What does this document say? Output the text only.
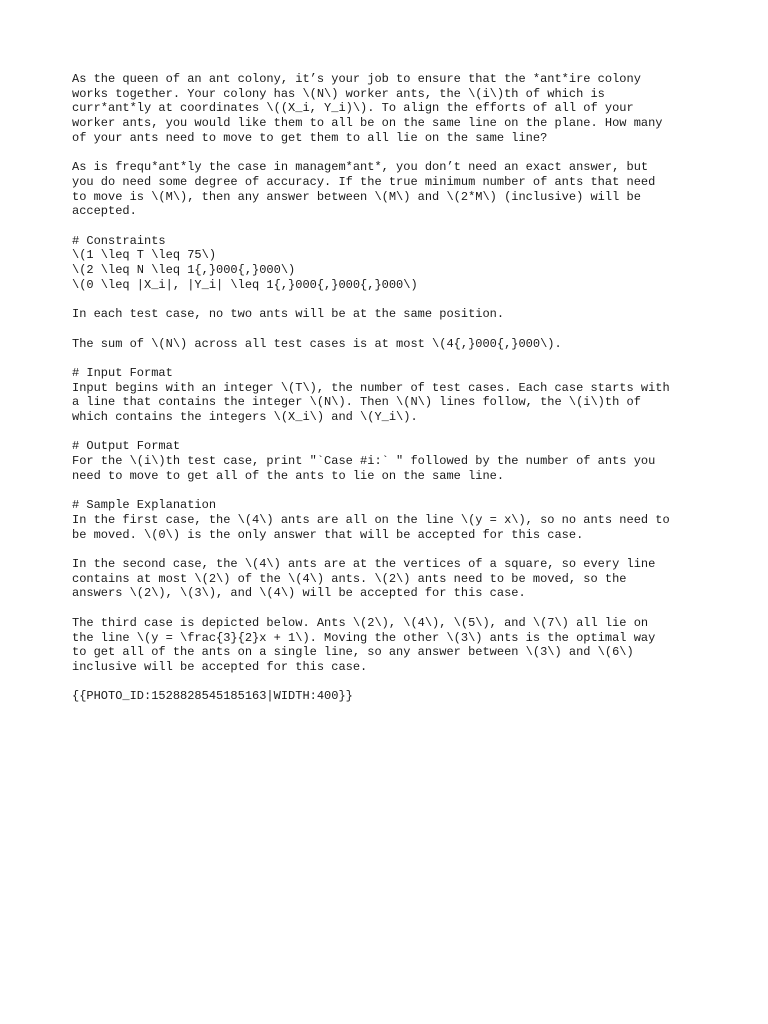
As the queen of an ant colony, it’s your job to ensure that the *ant*ire colony
works together. Your colony has \(N\) worker ants, the \(i\)th of which is
curr*ant*ly at coordinates \((X_i, Y_i)\). To align the efforts of all of your
worker ants, you would like them to all be on the same line on the plane. How many
of your ants need to move to get them to all lie on the same line?

As is frequ*ant*ly the case in managem*ant*, you don’t need an exact answer, but
you do need some degree of accuracy. If the true minimum number of ants that need
to move is \(M\), then any answer between \(M\) and \(2*M\) (inclusive) will be
accepted.

# Constraints
\(1 \leq T \leq 75\)
\(2 \leq N \leq 1{,}000{,}000\)
\(0 \leq |X_i|, |Y_i| \leq 1{,}000{,}000{,}000\)

In each test case, no two ants will be at the same position.

The sum of \(N\) across all test cases is at most \(4{,}000{,}000\).

# Input Format
Input begins with an integer \(T\), the number of test cases. Each case starts with
a line that contains the integer \(N\). Then \(N\) lines follow, the \(i\)th of
which contains the integers \(X_i\) and \(Y_i\).

# Output Format
For the \(i\)th test case, print "`Case #i:` " followed by the number of ants you
need to move to get all of the ants to lie on the same line.

# Sample Explanation
In the first case, the \(4\) ants are all on the line \(y = x\), so no ants need to
be moved. \(0\) is the only answer that will be accepted for this case.

In the second case, the \(4\) ants are at the vertices of a square, so every line
contains at most \(2\) of the \(4\) ants. \(2\) ants need to be moved, so the
answers \(2\), \(3\), and \(4\) will be accepted for this case.

The third case is depicted below. Ants \(2\), \(4\), \(5\), and \(7\) all lie on
the line \(y = \frac{3}{2}x + 1\). Moving the other \(3\) ants is the optimal way
to get all of the ants on a single line, so any answer between \(3\) and \(6\)
inclusive will be accepted for this case.

{{PHOTO_ID:1528828545185163|WIDTH:400}}
